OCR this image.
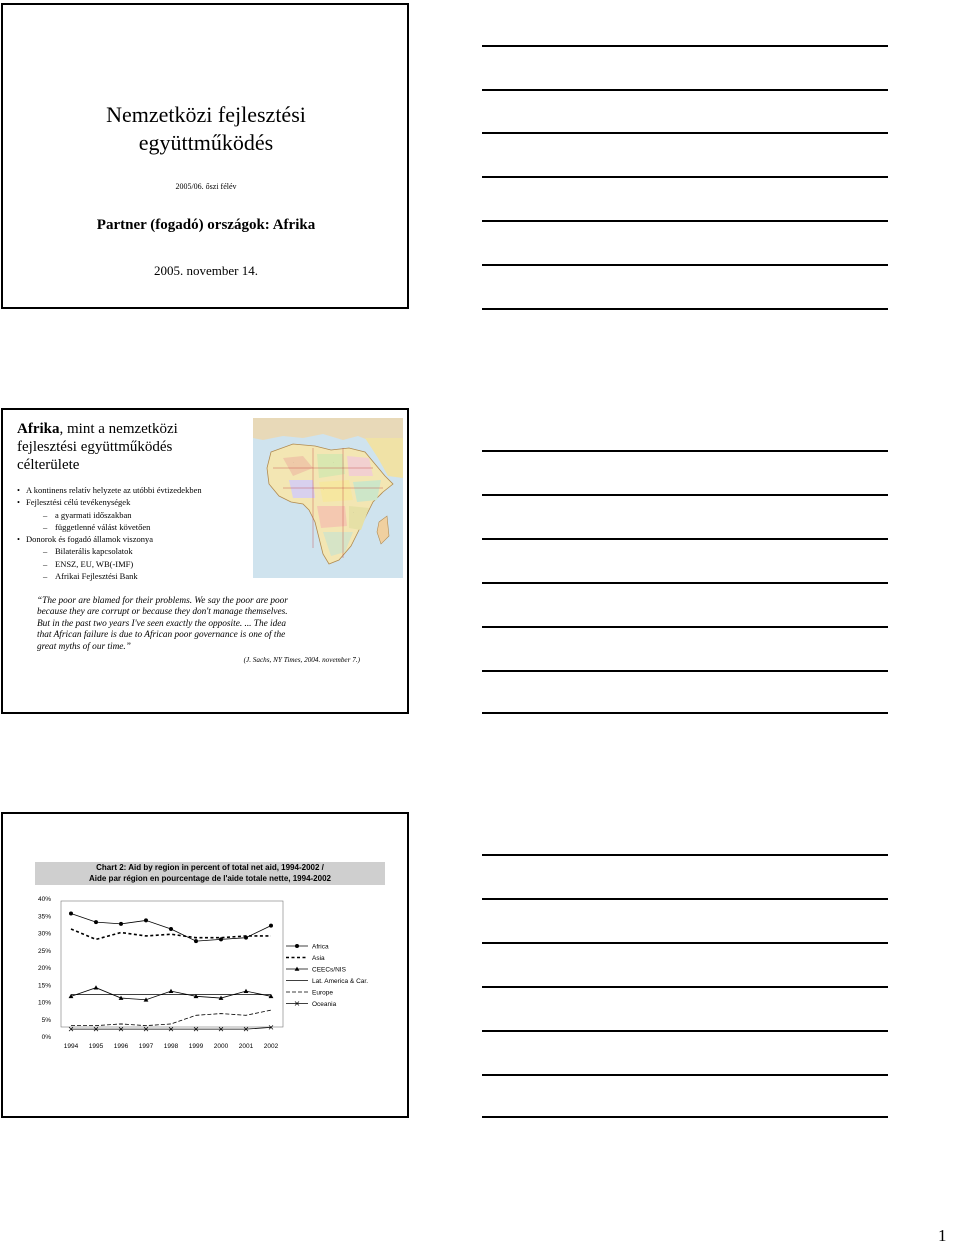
Nemzetközi fejlesztési
együttműködés
2005/06. őszi félév
Partner (fogadó) országok: Afrika
2005. november 14.
Afrika, mint a nemzetközi
fejlesztési együttműködés
célterülete
• A kontinens relatív helyzete az utóbbi évtizedekben
• Fejlesztési célú tevékenységek
– a gyarmati időszakban
– függetlenné válást követően
• Donorok és fogadó államok viszonya
– Bilaterális kapcsolatok
– ENSZ, EU, WB(-IMF)
– Afrikai Fejlesztési Bank
.	.
.
.
“The poor are blamed for their problems. We say the poor are poor
because they are corrupt or because they don't manage themselves.
But in the past two years I've seen exactly the opposite. ... The idea
that African failure is due to African poor governance is one of the
great myths of our time.”
(J. Sachs, NY Times, 2004. november 7.)
Chart 2: Aid by region in percent of total net aid, 1994-2002 /
Aide par région en pourcentage de l'aide totale nette, 1994-2002
40%
35%
30%
25%
20%
15%
10%
5%
0%
1994 1995 1996 1997 1998 1999 2000 2001 2002
Africa
Asia
CEECs/NIS
Lat. America & Car.
Europe
Oceania
1
